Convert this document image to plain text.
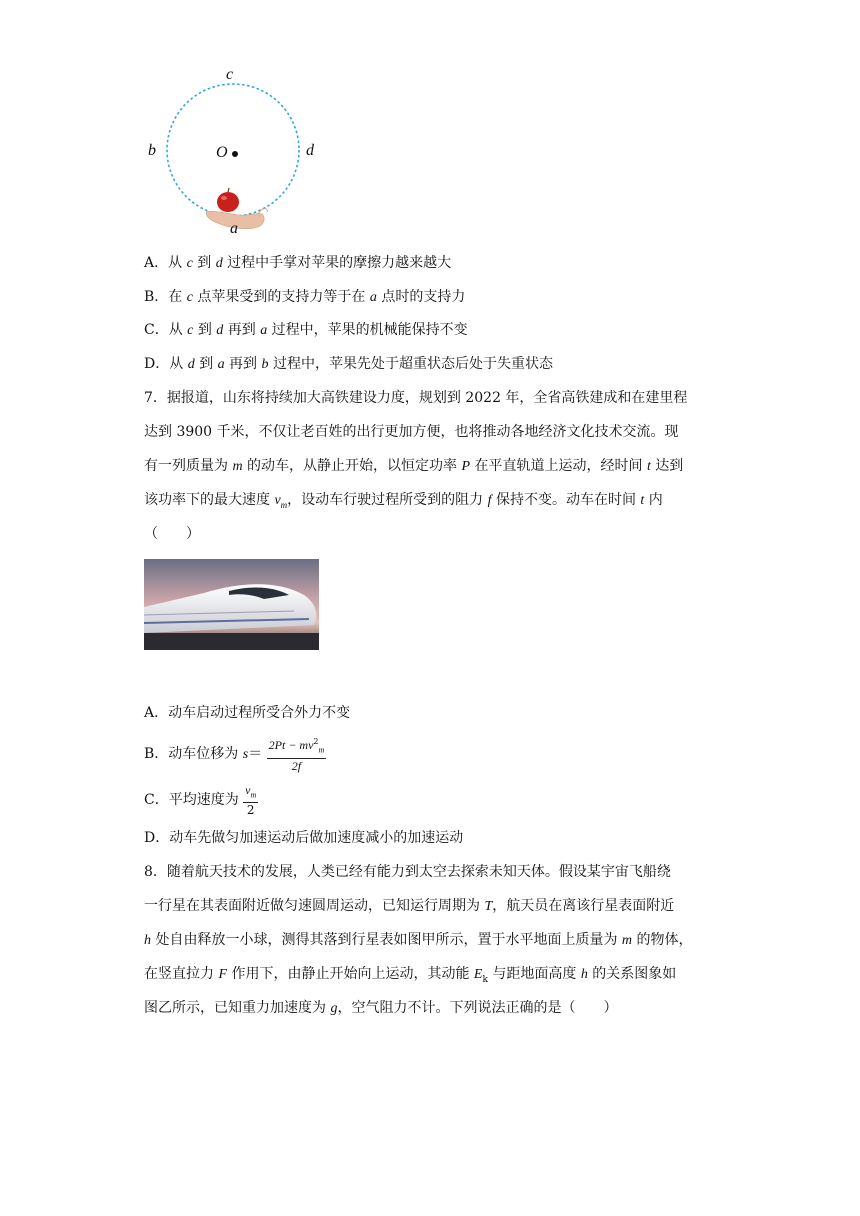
c
b	d
O
a
A．从 c 到 d 过程中手掌对苹果的摩擦力越来越大
B．在 c 点苹果受到的支持力等于在 a 点时的支持力
C．从 c 到 d 再到 a 过程中，苹果的机械能保持不变
D．从 d 到 a 再到 b 过程中，苹果先处于超重状态后处于失重状态
7．据报道，山东将持续加大高铁建设力度，规划到 2022 年，全省高铁建成和在建里程
达到 3900 千米，不仅让老百姓的出行更加方便，也将推动各地经济文化技术交流。现
有一列质量为 m 的动车，从静止开始，以恒定功率 P 在平直轨道上运动，经时间 t 达到
该功率下的最大速度 $v_m$，设动车行驶过程所受到的阻力 f 保持不变。动车在时间 t 内
（　　）
A．动车启动过程所受合外力不变
B．动车位移为 $s= \frac{2Pt - mv^2_m}{2f}$
C．平均速度为 $\frac{v_m}{2}$
D．动车先做匀加速运动后做加速度减小的加速运动
8．随着航天技术的发展，人类已经有能力到太空去探索未知天体。假设某宇宙飞船绕
一行星在其表面附近做匀速圆周运动，已知运行周期为 T，航天员在离该行星表面附近
h 处自由释放一小球，测得其落到行星表如图甲所示，置于水平地面上质量为 m 的物体，
在竖直拉力 F 作用下，由静止开始向上运动，其动能 $E_k$ 与距地面高度 h 的关系图象如
图乙所示，已知重力加速度为 g，空气阻力不计。下列说法正确的是（　　）
